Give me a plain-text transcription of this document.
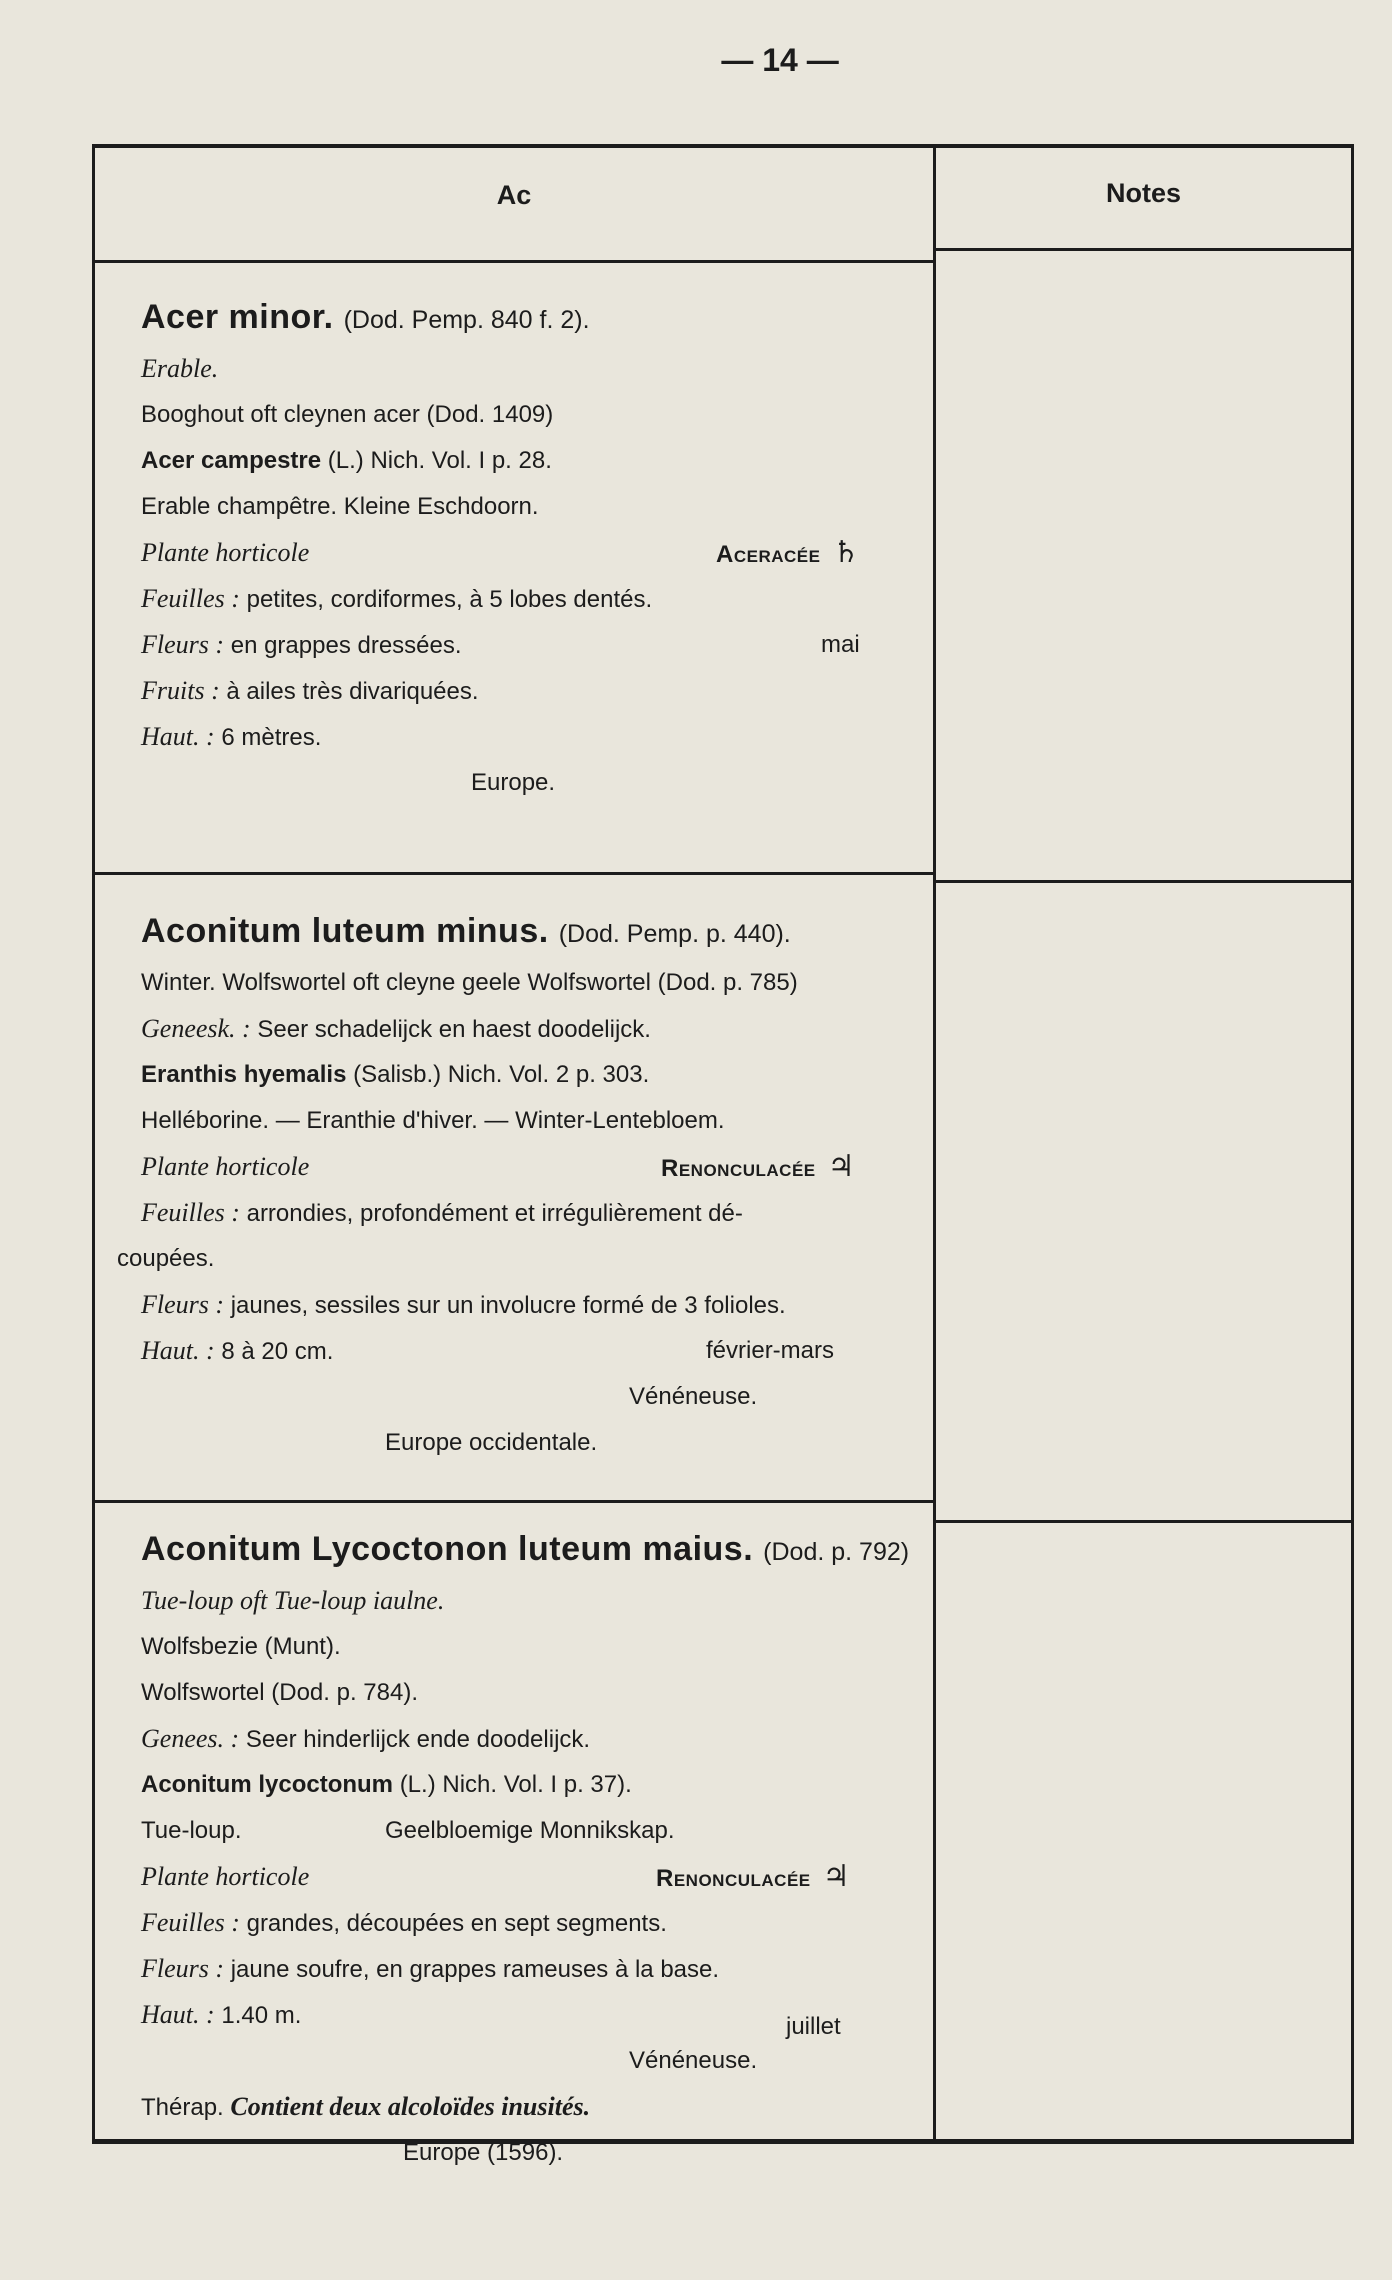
— 14 —
Ac	Notes
Acer minor. (Dod. Pemp. 840 f. 2).
Erable.
Booghout oft cleynen acer (Dod. 1409)
Acer campestre (L.) Nich. Vol. I p. 28.
Erable champêtre. Kleine Eschdoorn.
Plante horticole	Aceracée ♄
Feuilles : petites, cordiformes, à 5 lobes dentés.
Fleurs : en grappes dressées.	mai
Fruits : à ailes très divariquées.
Haut. : 6 mètres.
Europe.
Aconitum luteum minus. (Dod. Pemp. p. 440).
Winter. Wolfswortel oft cleyne geele Wolfswortel (Dod. p. 785)
Geneesk. : Seer schadelijck en haest doodelijck.
Eranthis hyemalis (Salisb.) Nich. Vol. 2 p. 303.
Helléborine. — Eranthie d'hiver. — Winter-Lentebloem.
Plante horticole	Renonculacée ♃
Feuilles : arrondies, profondément et irrégulièrement dé-
coupées.
Fleurs : jaunes, sessiles sur un involucre formé de 3 folioles.
Haut. : 8 à 20 cm.	février-mars
Vénéneuse.
Europe occidentale.
Aconitum Lycoctonon luteum maius. (Dod. p. 792)
Tue-loup oft Tue-loup iaulne.
Wolfsbezie (Munt).
Wolfswortel (Dod. p. 784).
Genees. : Seer hinderlijck ende doodelijck.
Aconitum lycoctonum (L.) Nich. Vol. I p. 37).
Tue-loup.	Geelbloemige Monnikskap.
Plante horticole	Renonculacée ♃
Feuilles : grandes, découpées en sept segments.
Fleurs : jaune soufre, en grappes rameuses à la base.
Haut. : 1.40 m.	juillet
Vénéneuse.
Thérap. Contient deux alcoloïdes inusités.
Europe (1596).
